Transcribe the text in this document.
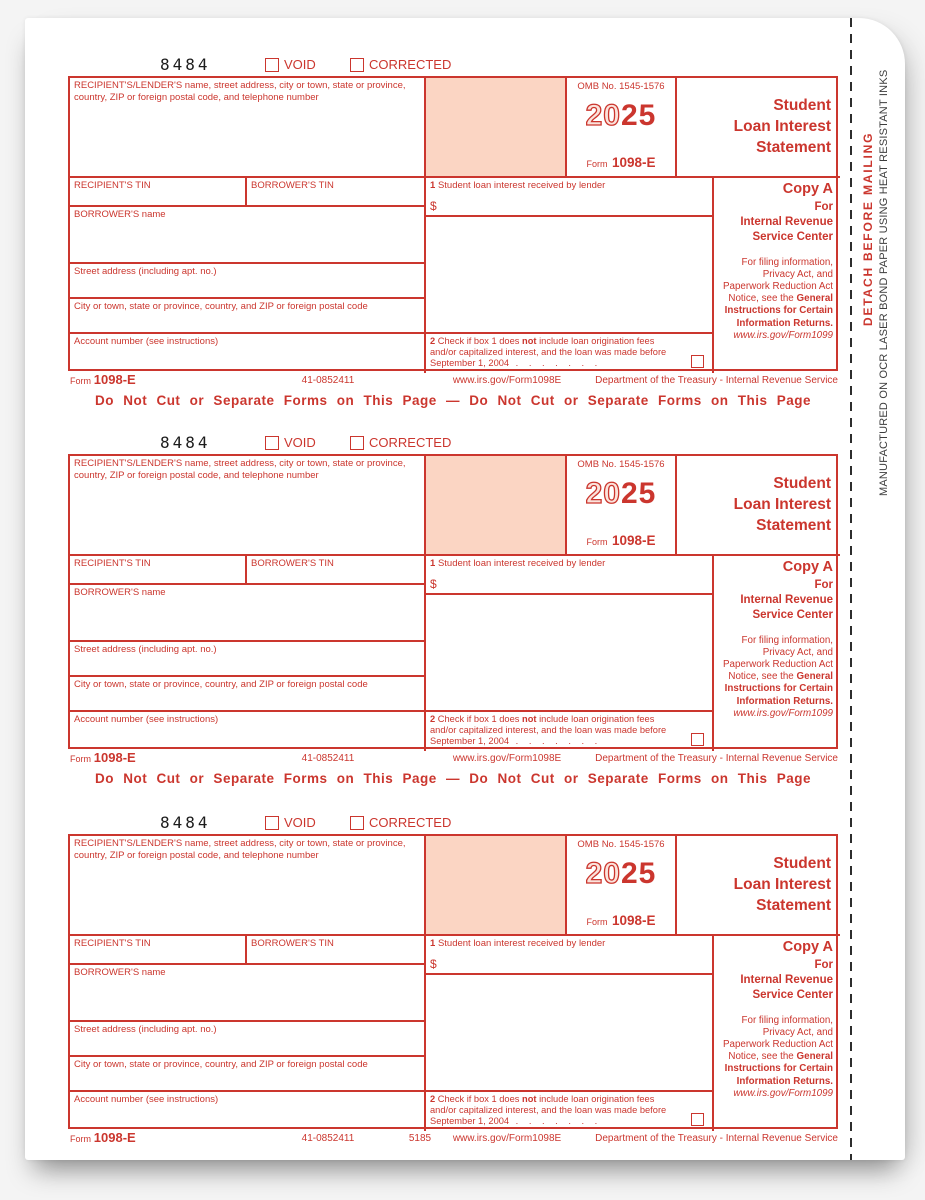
8484	VOID	CORRECTED
RECIPIENT'S/LENDER'S name, street address, city or town, state or province, country, ZIP or foreign postal code, and telephone number
OMB No. 1545-1576
2025
Form 1098-E
Student
Loan Interest
Statement
RECIPIENT'S TIN	BORROWER'S TIN
BORROWER'S name
Street address (including apt. no.)
City or town, state or province, country, and ZIP or foreign postal code
Account number (see instructions)
1 Student loan interest received by lender
$
2 Check if box 1 does not include loan origination fees and/or capitalized interest, and the loan was made before September 1, 2004 . . . . . . .
Copy A
For
Internal Revenue
Service Center
For filing information, Privacy Act, and Paperwork Reduction Act Notice, see the General Instructions for Certain Information Returns.
www.irs.gov/Form1099
Form 1098-E	41-0852411	www.irs.gov/Form1098E	Department of the Treasury - Internal Revenue Service
Do Not Cut or Separate Forms on This Page — Do Not Cut or Separate Forms on This Page
8484	VOID	CORRECTED
RECIPIENT'S/LENDER'S name, street address, city or town, state or province, country, ZIP or foreign postal code, and telephone number
OMB No. 1545-1576
2025
Form 1098-E
Student
Loan Interest
Statement
RECIPIENT'S TIN	BORROWER'S TIN
BORROWER'S name
Street address (including apt. no.)
City or town, state or province, country, and ZIP or foreign postal code
Account number (see instructions)
1 Student loan interest received by lender
$
2 Check if box 1 does not include loan origination fees and/or capitalized interest, and the loan was made before September 1, 2004 . . . . . . .
Copy A
For
Internal Revenue
Service Center
For filing information, Privacy Act, and Paperwork Reduction Act Notice, see the General Instructions for Certain Information Returns.
www.irs.gov/Form1099
Form 1098-E	41-0852411	www.irs.gov/Form1098E	Department of the Treasury - Internal Revenue Service
Do Not Cut or Separate Forms on This Page — Do Not Cut or Separate Forms on This Page
8484	VOID	CORRECTED
RECIPIENT'S/LENDER'S name, street address, city or town, state or province, country, ZIP or foreign postal code, and telephone number
OMB No. 1545-1576
2025
Form 1098-E
Student
Loan Interest
Statement
RECIPIENT'S TIN	BORROWER'S TIN
BORROWER'S name
Street address (including apt. no.)
City or town, state or province, country, and ZIP or foreign postal code
Account number (see instructions)
1 Student loan interest received by lender
$
2 Check if box 1 does not include loan origination fees and/or capitalized interest, and the loan was made before September 1, 2004 . . . . . . .
Copy A
For
Internal Revenue
Service Center
For filing information, Privacy Act, and Paperwork Reduction Act Notice, see the General Instructions for Certain Information Returns.
www.irs.gov/Form1099
Form 1098-E	41-0852411	5185	www.irs.gov/Form1098E	Department of the Treasury - Internal Revenue Service
DETACH BEFORE MAILING MANUFACTURED ON OCR LASER BOND PAPER USING HEAT RESISTANT INKS
